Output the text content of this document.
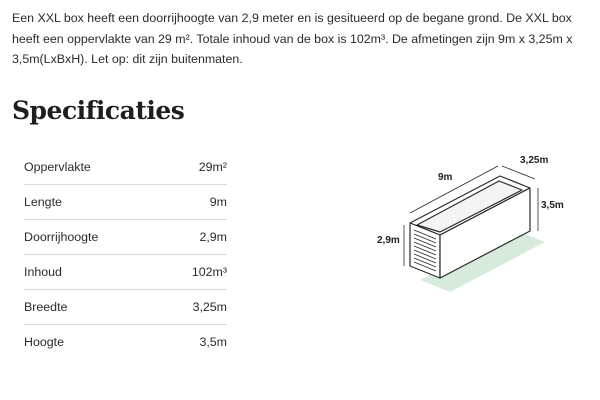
Een XXL box heeft een doorrijhoogte van 2,9 meter en is gesitueerd op de begane grond. De XXL box heeft een oppervlakte van 29 m². Totale inhoud van de box is 102m³. De afmetingen zijn 9m x 3,25m x 3,5m(LxBxH). Let op: dit zijn buitenmaten.

Specificaties
Oppervlakte	29m²
Lengte	9m
Doorrijhoogte	2,9m
Inhoud	102m³
Breedte	3,25m
Hoogte	3,5m
9m
3,25m
3,5m
2,9m
